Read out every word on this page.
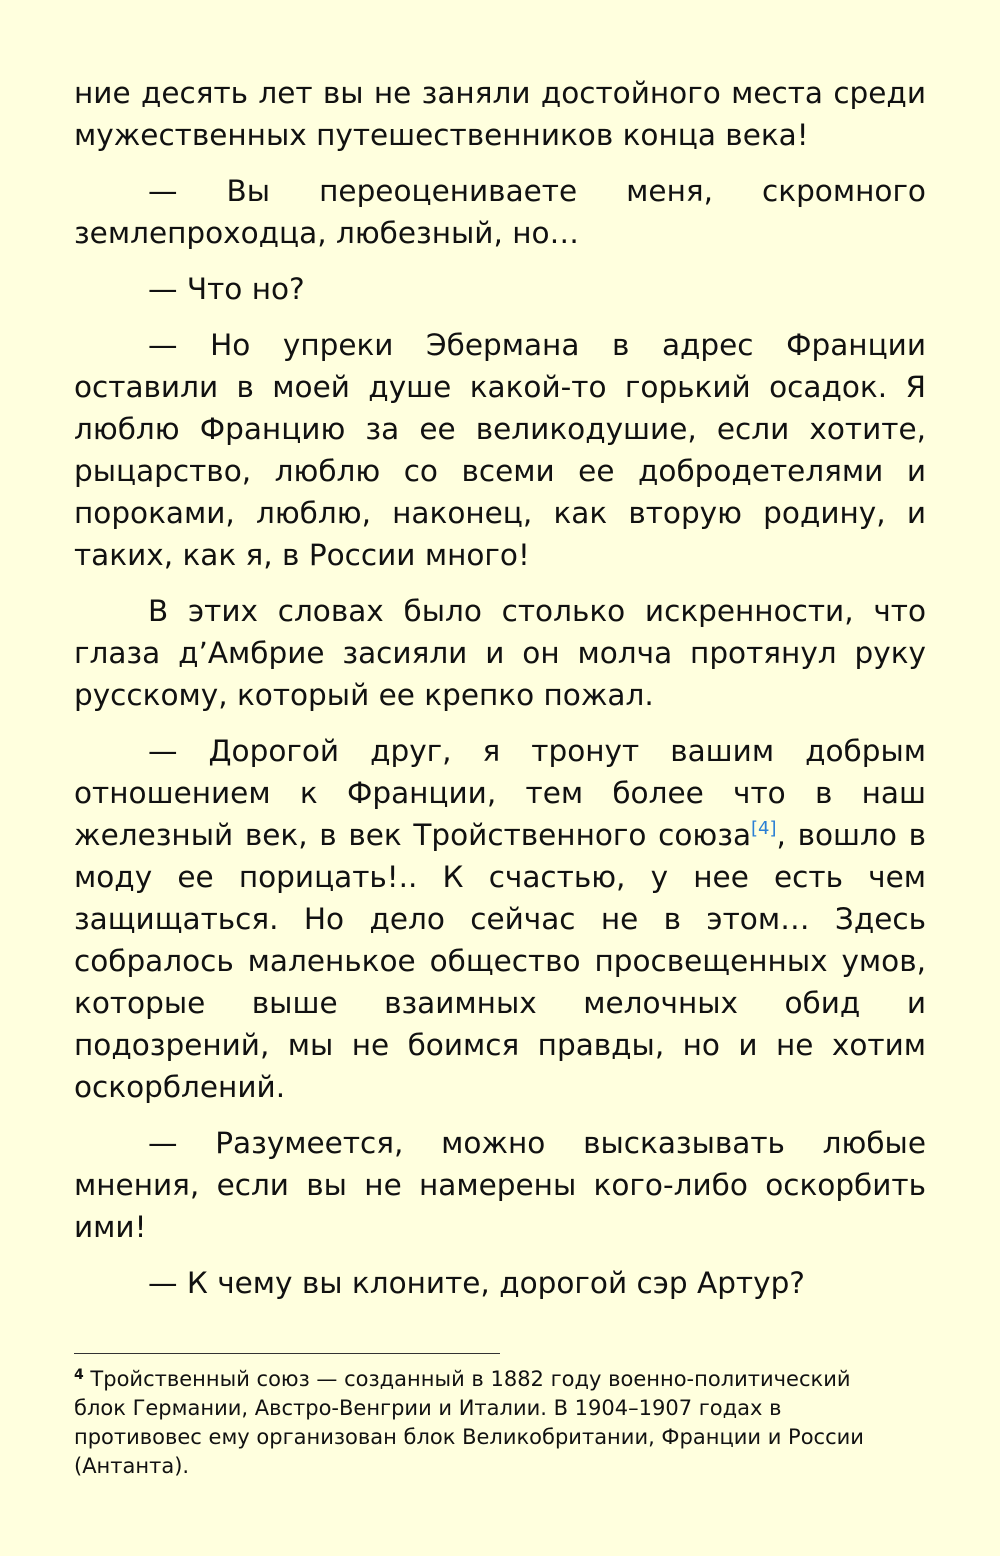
ние десять лет вы не заняли достойного места среди мужественных путешественников конца века!

— Вы переоцениваете меня, скромного землепроходца, любезный, но…

— Что но?

— Но упреки Эбермана в адрес Франции оставили в моей душе какой-то горький осадок. Я люблю Францию за ее великодушие, если хотите, рыцарство, люблю со всеми ее добродетелями и пороками, люблю, наконец, как вторую родину, и таких, как я, в России много!

В этих словах было столько искренности, что глаза д’Амбрие засияли и он молча протянул руку русскому, который ее крепко пожал.

— Дорогой друг, я тронут вашим добрым отношением к Франции, тем более что в наш железный век, в век Тройственного союза[4], вошло в моду ее порицать!.. К счастью, у нее есть чем защищаться. Но дело сейчас не в этом… Здесь собралось маленькое общество просвещенных умов, которые выше взаимных мелочных обид и подозрений, мы не боимся правды, но и не хотим оскорблений.

— Разумеется, можно высказывать любые мнения, если вы не намерены кого-либо оскорбить ими!

— К чему вы клоните, дорогой сэр Артур?

$^4$ Тройственный союз — созданный в 1882 году военно-политический блок Германии, Австро-Венгрии и Италии. В 1904–1907 годах в противовес ему организован блок Великобритании, Франции и России (Антанта).
